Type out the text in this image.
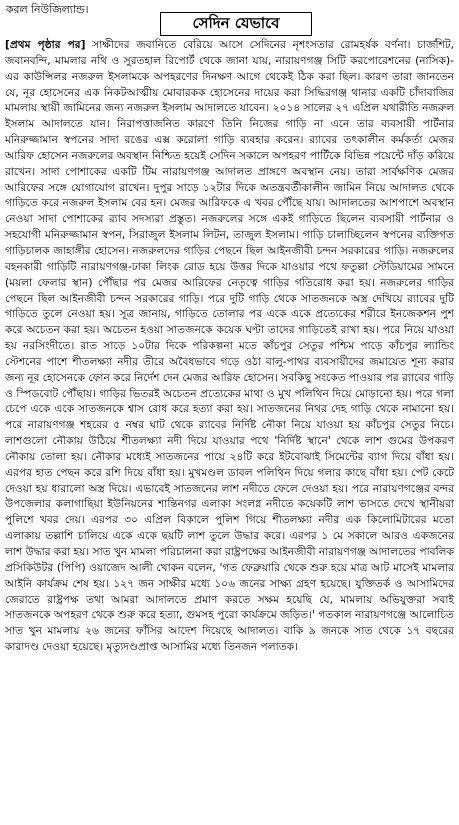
করল নিউজিল্যান্ড।
সেদিন যেভাবে
[প্রথম পৃষ্ঠার পর] সাক্ষীদের জবানিতে বেরিয়ে আসে সেদিনের নৃশংসতার রোমহর্ষক বর্ণনা। চার্জশিট, জবানবন্দি, মামলার নথি ও সুরতহাল রিপোর্ট থেকে জানা যায়, নারায়ণগঞ্জ সিটি করপোরেশনের (নাসিক)-এর কাউন্সিলর নজরুল ইসলামকে অপহরণের দিনক্ষণ আগে থেকেই ঠিক করা ছিল। কারণ তারা জানতেন যে, নূর হোসেনের এক নিকটআত্মীয় মোবারকক হোসেনের দায়ের করা সিদ্ধিরগঞ্জ থানার একটি চাঁদাবাজির মামলায় স্থায়ী জামিনের জন্য নজরুল ইসলাম আদালতে যাবেন। ২০১৪ সালের ২৭ এপ্রিল যথারীতি নজরুল ইসলাম আদালতে যান। নিরাপত্তাজনিত কারণে তিনি নিজের গাড়ি না এনে তার ব্যবসায়ী পার্টনার মনিরুজ্জামান স্বপনের সাদা রঙের এক্স করোলা গাড়ি ব্যবহার করেন। র‍্যাবের তৎকালীন কর্মকর্তা মেজর আরিফ হোসেন নজরুলের অবস্থান নিশ্চিত হয়েই সেদিন সকালে অপহরণ পার্টিকে বিভিন্ন পয়েন্টে দাঁড় করিয়ে রাখেন। সাদা পোশাকের একটি টিম নারায়ণগঞ্জ আদালত প্রাঙ্গণে অবস্থান নেয়। তারা সার্বক্ষণিক মেজর আরিফের সঙ্গে যোগাযোগ রাখেন। দুপুর সাড়ে ১২টার দিকে অতন্ত্রবর্তীকালীন জামিন নিয়ে আদালত থেকে গাড়িতে করে নজরুল ইসলাম বের হন। মেজর আরিফকে এ খবর পৌঁছে যায়। আদালতের আশপাশে অবস্থান নেওয়া সাদা পোশাকের র‍্যাব সদস্যরা প্রস্তুত। নজরুলের সঙ্গে একই গাড়িতে ছিলেন ব্যবসায়ী পার্টনার ও সহযোগী মনিরুজ্জামান স্বপন, সিরাজুল ইসলাম লিটন, তাজুল ইসলাম। গাড়ি চালাচ্ছিলেন স্বপনের ব্যক্তিগত গাড়িচালক জাহাঙ্গীর হোসেন। নজরুলদের গাড়ির পেছনে ছিল আইনজীবী চন্দন সরকারের গাড়ি। নজরুলের বহনকারী গাড়িটি নারায়ণগঞ্জ-ঢাকা লিংক রোড হয়ে উত্তর দিকে যাওয়ার পথে ফতুল্লা স্টেডিয়ামের সামনে (ময়লা ফেলার স্থান) পৌঁছার পর মেজর আরিফের নেতৃত্বে গাড়ির গতিরোধ করা হয়। নজরুলের গাড়ির পেছনে ছিল আইনজীবী চন্দন সরকারের গাড়ি। পরে দুটি গাড়ি থেকে সাতজনকে অস্ত্র দেখিয়ে র‍্যাবের দুটি গাড়িতে তুলে নেওয়া হয়। সূত্র জানায়, গাড়িতে তোলার পর একে একে প্রত্যেকের শরীরে ইনজেকশন পুশ করে অচেতন করা হয়। অচেতন হওয়া সাতজনকে কয়েক ঘণ্টা তাদের গাড়িতেই রাখা হয়। পরে নিয়ে যাওয়া হয় নরসিংদীতে। রাত সাড়ে ১০টার দিকে পরিকল্পনা মতে কাঁচপুর সেতুর পশ্চিম পাড়ে কাঁচপুর ল্যান্ডিং স্টেশনের পাশে শীতলক্ষ্যা নদীর তীরে অবৈধভাবে গড়ে ওঠা বালু-পাথর ব্যবসায়ীদের জমায়েত শূন্য করার জন্য নূর হোসেনকে ফোন করে নির্দেশ দেন মেজর আরিফ হোসেন। সবকিছু সংকেত পাওয়ার পর র‍্যাবের গাড়ি ও স্পিডবোট পৌঁছায়। গাড়ির ভিতরই অচেতন প্রত্যেকের মাথা ও মুখ পলিথিন দিয়ে মোড়ানো হয়। পরে গলা চেপে একে একে সাতজনকে শ্বাস রোধ করে হত্যা করা হয়। সাতজনের নিথর দেহ গাড়ি থেকে নামানো হয়। পরে নারায়ণগঞ্জ শহরের ৫ নম্বর ঘাট থেকে র‍্যাবের নির্দিষ্ট নৌকা নিয়ে যাওয়া হয় কাঁচপুর সেতুর নিচে। লাশগুলো নৌকায় উঠিয়ে শীতলক্ষ্যা নদী দিয়ে যাওয়ার পথে 'নির্দিষ্ট স্থানে' থেকে লাশ গুমের উপকরণ নৌকায় তোলা হয়। নৌকার মধ্যেই সাতজনের পায়ে ২৪টি করে ইটবোঝাই সিমেন্টের ব্যাগ দিয়ে বাঁধা হয়। এরপর হাত পেছন করে রশি দিয়ে বাঁধা হয়। মুখমণ্ডল ডাবল পলিথিন দিয়ে গলার কাছে বাঁধা হয়। পেট কেটে দেওয়া হয় ধারালো অস্ত্র দিয়ে। এভাবেই সাতজনের লাশ নদীতে ফেলে দেওয়া হয়। পরে নারায়ণগঞ্জের বন্দর উপজেলার কলাগাছিয়া ইউনিয়নের শান্তিনগর এলাকা সংলগ্ন নদীতে কয়েকটি লাশ ভাসতে দেখে স্থানীয়রা পুলিশে খবর দেয়। এরপর ৩০ এপ্রিল বিকালে পুলিশ গিয়ে শীতলক্ষ্যা নদীর এক কিলোমিটারের মতো এলাকায় তল্লাশি চালিয়ে একে একে ছয়টি লাশ তুলে উদ্ধার করে। এরপর ১ মে সকালে আরও একজনের লাশ উদ্ধার করা হয়। সাত খুন মামলা পরিচালনা করা রাষ্ট্রপক্ষের আইনজীবী নারায়ণগঞ্জ আদালতের পাবলিক প্রসিকিউটর (পিপি) ওয়াজেদ আলী খোকন বলেন, 'গত ফেব্রুয়ারি থেকে শুরু হয়ে মাত্র আট মাসেই মামলার আইনি কার্যক্রম শেষ হয়। ১২৭ জন সাক্ষীর মধ্যে ১০৬ জনের সাক্ষ্য গ্রহণ হয়েছে। যুক্তিতর্ক ও আসামিদের জেরাতে রাষ্ট্রপক্ষ তথা আমরা আদালতে প্রমাণ করতে সক্ষম হয়েছি যে, মামলায় অভিযুক্তরা সবাই সাতজনকে অপহরণ থেকে শুরু করে হত্যা, গুমসহ পুরো কার্যক্রমে জড়িত।' গতকাল নারায়ণগঞ্জে আলোচিত সাত খুন মামলায় ২৬ জনের ফাঁসির আদেশ দিয়েছে আদালত। বাকি ৯ জনকে সাত থেকে ১৭ বছরের কারাদণ্ড দেওয়া হয়েছে। মৃত্যুদণ্ডপ্রাপ্ত আসামির মধ্যে তিনজন পলাতক।
